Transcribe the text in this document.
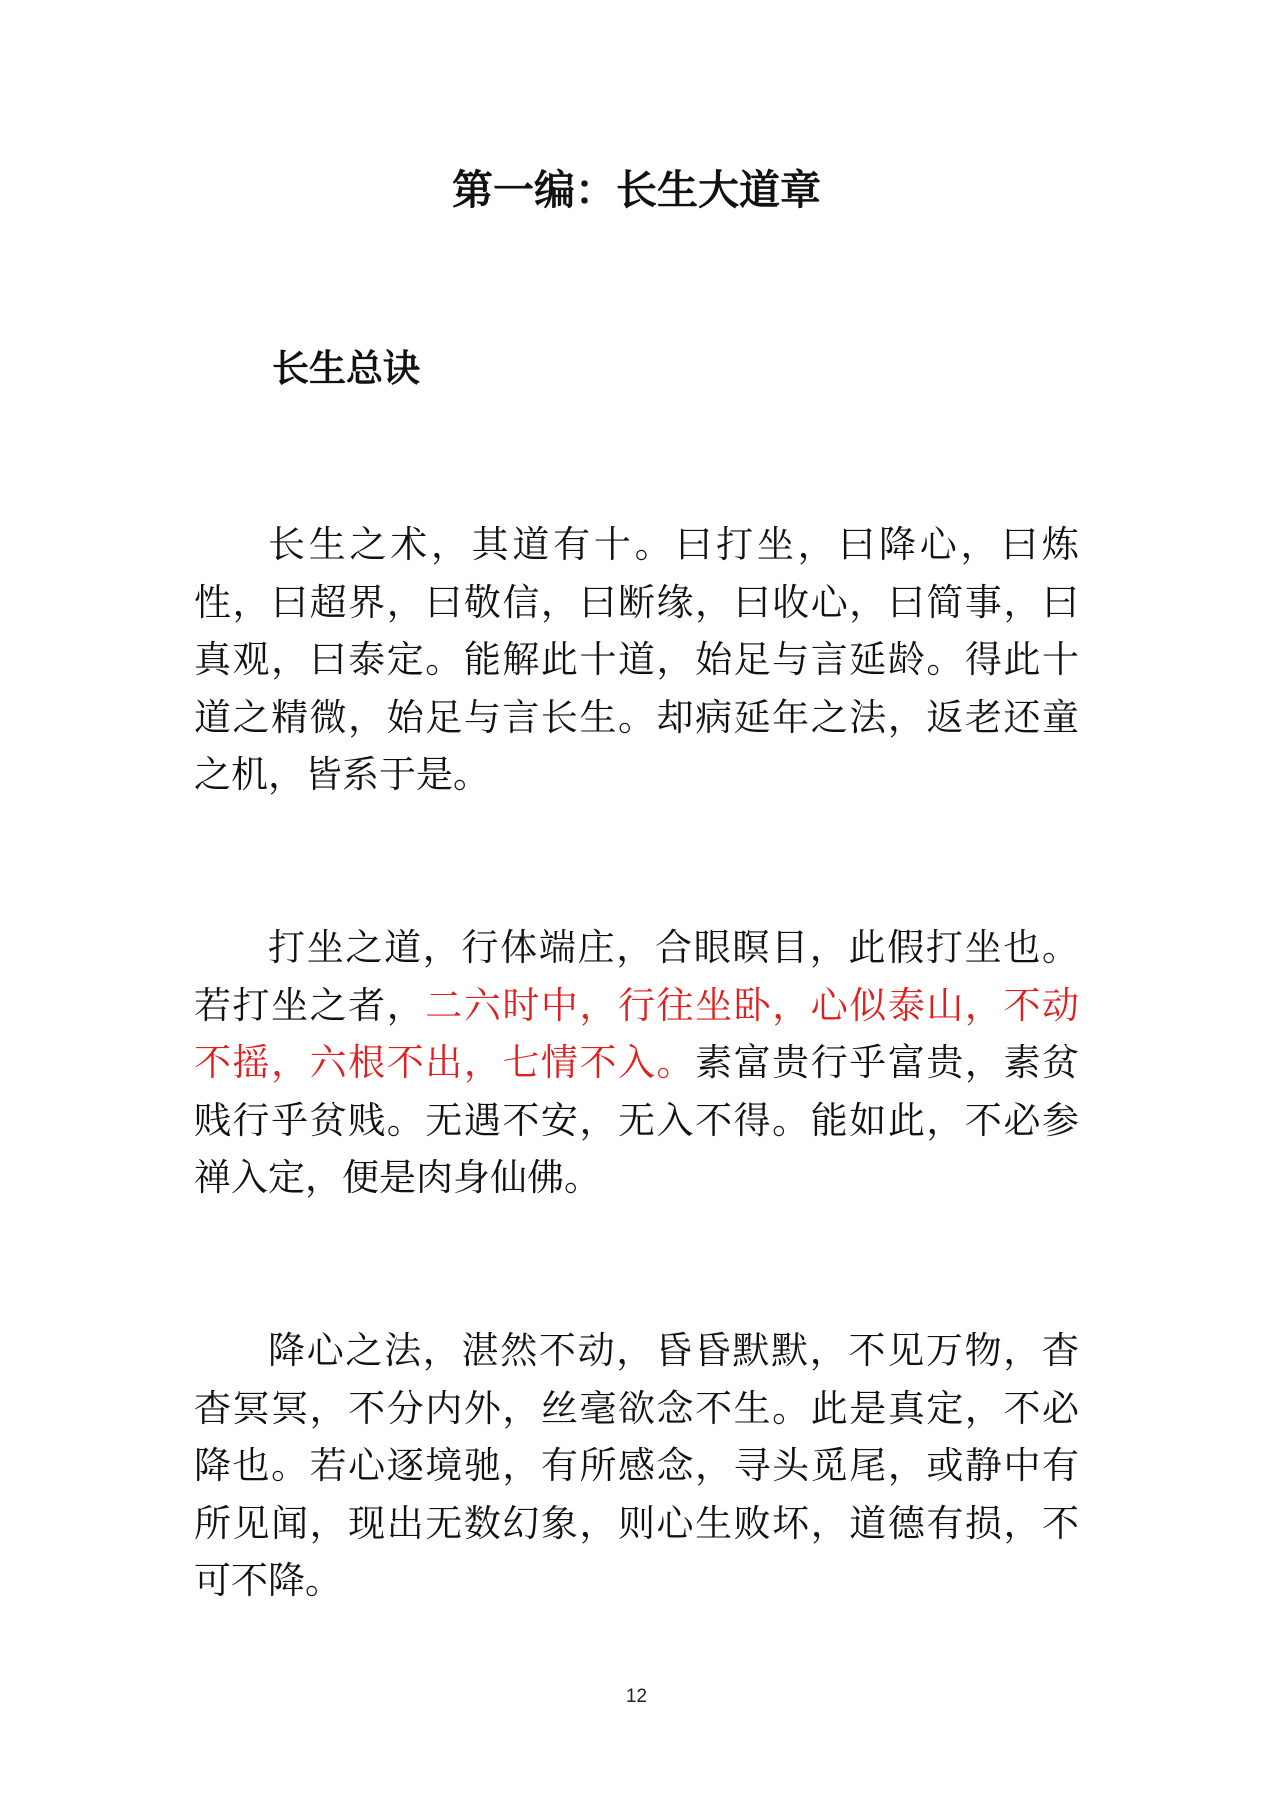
第一编：长生大道章
长生总诀

长生之术，其道有十。曰打坐，曰降心，曰炼性，曰超界，曰敬信，曰断缘，曰收心，曰简事，曰真观，曰泰定。能解此十道，始足与言延龄。得此十道之精微，始足与言长生。却病延年之法，返老还童之机，皆系于是。

打坐之道，行体端庄，合眼瞑目，此假打坐也。若打坐之者，二六时中，行往坐卧，心似泰山，不动不摇，六根不出，七情不入。素富贵行乎富贵，素贫贱行乎贫贱。无遇不安，无入不得。能如此，不必参禅入定，便是肉身仙佛。

降心之法，湛然不动，昏昏默默，不见万物，杳杳冥冥，不分内外，丝毫欲念不生。此是真定，不必降也。若心逐境驰，有所感念，寻头觅尾，或静中有所见闻，现出无数幻象，则心生败坏，道德有损，不可不降。

12
